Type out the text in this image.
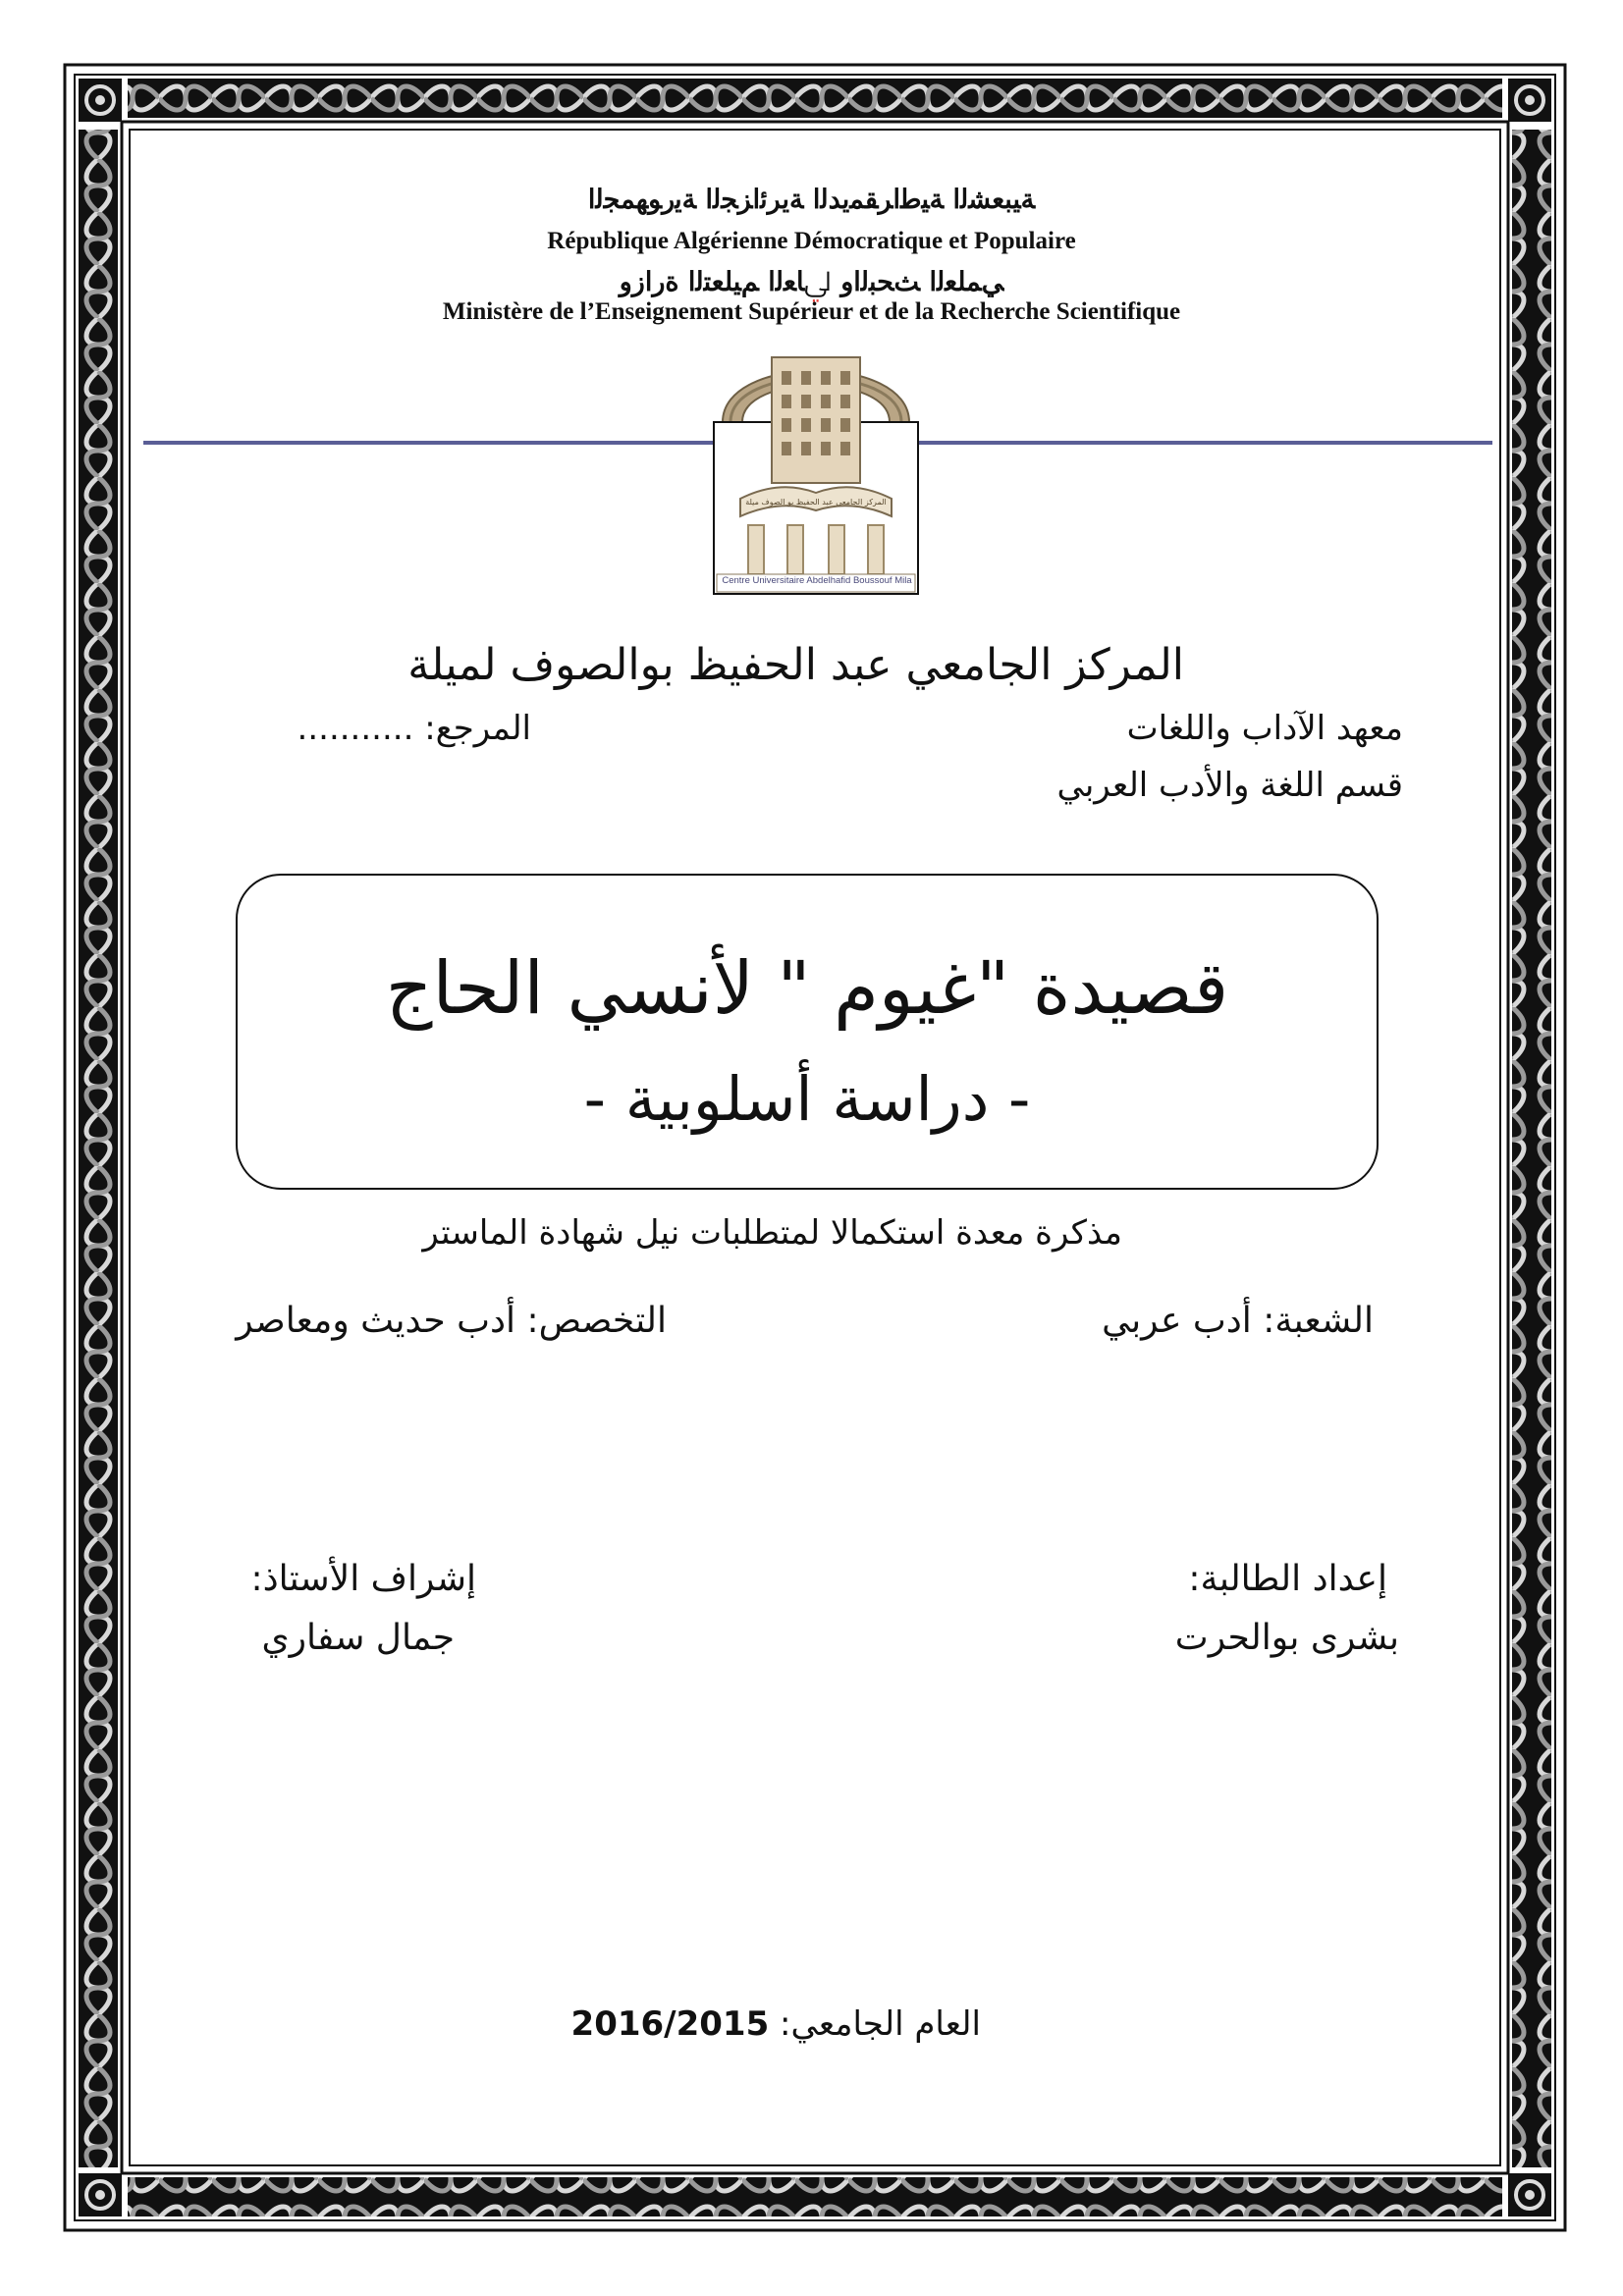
ﺔﻴﺒﻌﺸﻟﺍ ﺔﻴﻃﺍﺮﻘﻤﻳﺪﻟﺍ ﺔﻳﺮﺋﺍﺰﺠﻟﺍ ﺔﻳﺭﻮﻬﻤﺠﻟﺍ
République Algérienne Démocratique et Populaire
ﻲﻤﻠﻌﻟﺍ ﺚﺤﺒﻟﺍﻭ ﱄﺎﻌﻟﺍ ﻢﻴﻠﻌﺘﻟﺍ ﺓﺭﺍﺯﻭ
Ministère de l’Enseignement Supérieur et de la Recherche Scientifique
المركز الجامعي عبد الحفيظ بو الصوف ميلة
Centre Universitaire Abdelhafid Boussouf Mila
المركز الجامعي عبد الحفيظ بوالصوف لميلة
معهد الآداب واللغات
المرجع: ...........
قسم اللغة والأدب العربي
قصيدة "غيوم " لأنسي الحاج
- دراسة أسلوبية -
مذكرة معدة استكمالا لمتطلبات نيل شهادة الماستر
الشعبة: أدب عربي
التخصص: أدب حديث ومعاصر
إعداد الطالبة:
بشرى بوالحرت
إشراف الأستاذ:
جمال سفاري
العام الجامعي: 2016/2015
